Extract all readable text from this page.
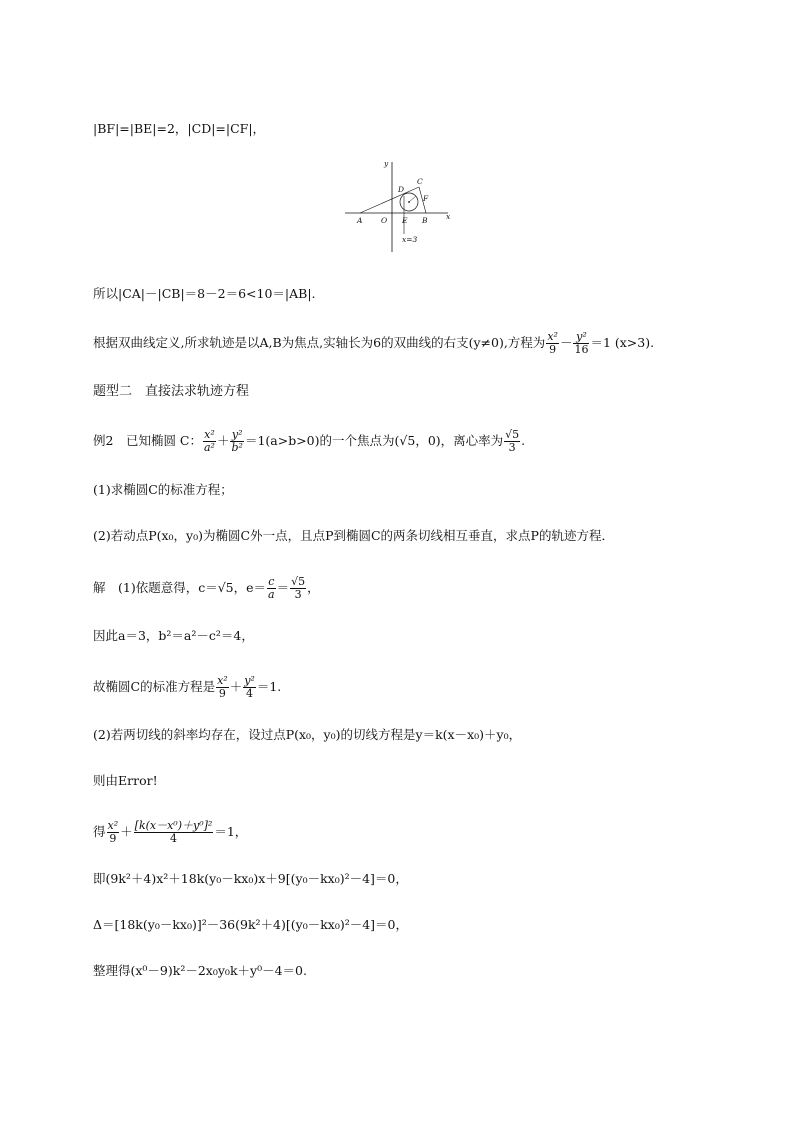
|BF|=|BE|=2，|CD|=|CF|，
y
x
A O E B
D
C
F
x=3
所以|CA|－|CB|＝8－2＝6<10＝|AB|.
根据双曲线定义,所求轨迹是以A,B为焦点,实轴长为6的双曲线的右支(y≠0),方程为 $\frac{\text{x²}}{9} - \frac{\text{y²}}{16} =1$ (x>3).
题型二　直接法求轨迹方程
例2　已知椭圆 C： $\frac{\text{x²}}{\text{a²}} + \frac{\text{y²}}{\text{b²}} =1(a>b>0)$的一个焦点为(√5，0)，离心率为 $\frac{√5}{3}$ .
(1)求椭圆C的标准方程；
(2)若动点P(x₀，y₀)为椭圆C外一点，且点P到椭圆C的两条切线相互垂直，求点P的轨迹方程．
解　(1)依题意得，c＝√5，$e= \frac{c}{a} = \frac{√5}{3}$ ，
因此a＝3，b²＝a²－c²＝4，
故椭圆C的标准方程是 $\frac{\text{x²}}{9} + \frac{\text{y²}}{4} =1$.
(2)若两切线的斜率均存在，设过点P(x₀，y₀)的切线方程是y＝k(x－x₀)＋y₀，
则由Error!
得 $\frac{\text{x²}}{9} + \frac{\text{[k(x－x⁰)＋y⁰]²}}{4} =1$，
即(9k²＋4)x²＋18k(y₀－kx₀)x＋9[(y₀－kx₀)²－4]＝0，
Δ＝[18k(y₀－kx₀)]²－36(9k²＋4)[(y₀－kx₀)²－4]＝0，
整理得(x⁰－9)k²－2x₀y₀k＋y⁰－4＝0.
